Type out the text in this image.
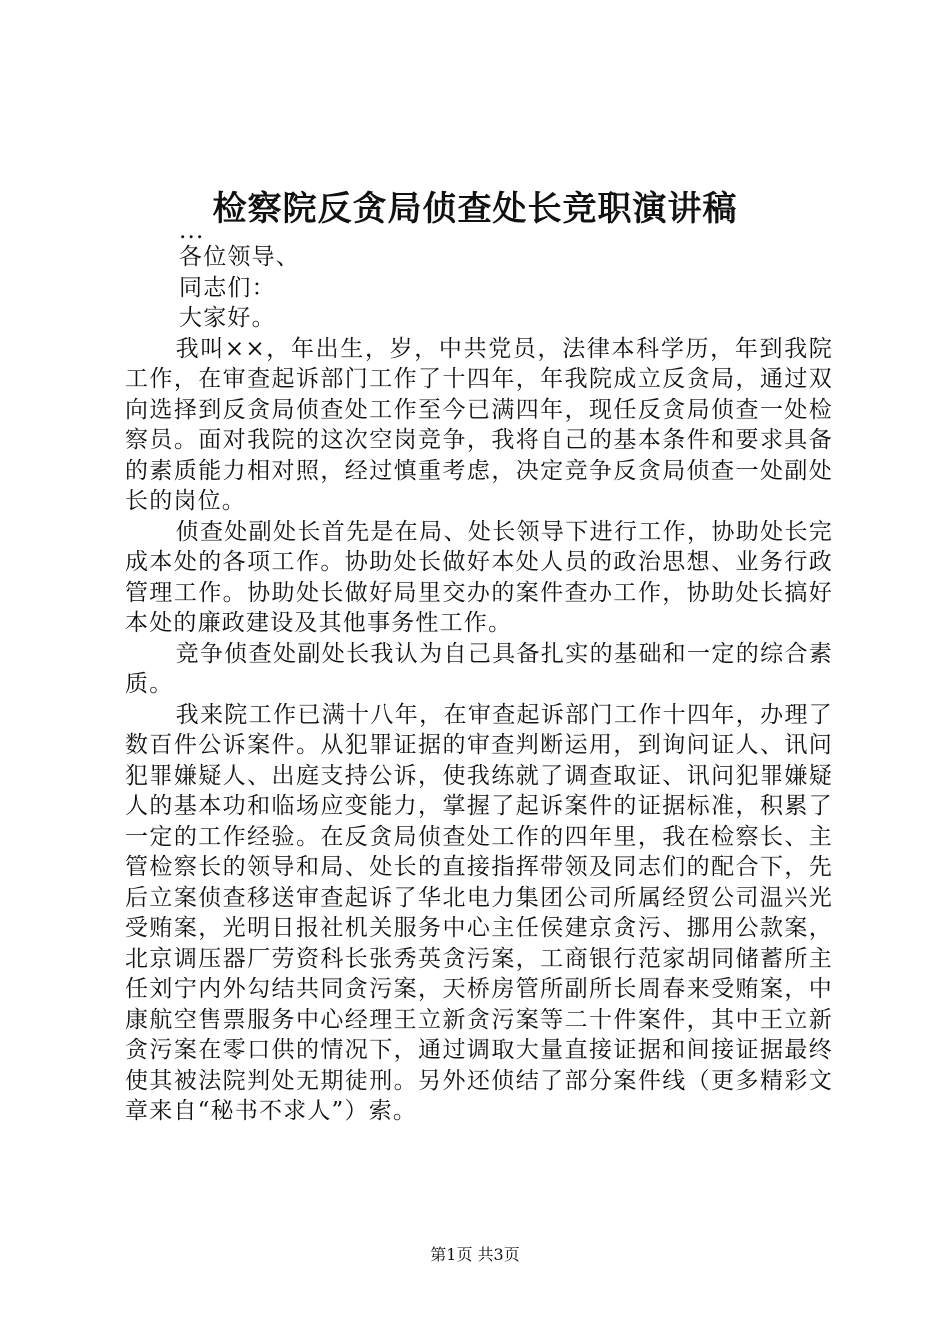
检察院反贪局侦查处长竞职演讲稿

...

各位领导、

同志们：

大家好。

我叫××，年出生，岁，中共党员，法律本科学历，年到我院工作，在审查起诉部门工作了十四年，年我院成立反贪局，通过双向选择到反贪局侦查处工作至今已满四年，现任反贪局侦查一处检察员。面对我院的这次空岗竞争，我将自己的基本条件和要求具备的素质能力相对照，经过慎重考虑，决定竞争反贪局侦查一处副处长的岗位。

侦查处副处长首先是在局、处长领导下进行工作，协助处长完成本处的各项工作。协助处长做好本处人员的政治思想、业务行政管理工作。协助处长做好局里交办的案件查办工作，协助处长搞好本处的廉政建设及其他事务性工作。

竞争侦查处副处长我认为自己具备扎实的基础和一定的综合素质。

我来院工作已满十八年，在审查起诉部门工作十四年，办理了数百件公诉案件。从犯罪证据的审查判断运用，到询问证人、讯问犯罪嫌疑人、出庭支持公诉，使我练就了调查取证、讯问犯罪嫌疑人的基本功和临场应变能力，掌握了起诉案件的证据标准，积累了一定的工作经验。在反贪局侦查处工作的四年里，我在检察长、主管检察长的领导和局、处长的直接指挥带领及同志们的配合下，先后立案侦查移送审查起诉了华北电力集团公司所属经贸公司温兴光受贿案，光明日报社机关服务中心主任侯建京贪污、挪用公款案，北京调压器厂劳资科长张秀英贪污案，工商银行范家胡同储蓄所主任刘宁内外勾结共同贪污案，天桥房管所副所长周春来受贿案，中康航空售票服务中心经理王立新贪污案等二十件案件，其中王立新贪污案在零口供的情况下，通过调取大量直接证据和间接证据最终使其被法院判处无期徒刑。另外还侦结了部分案件线（更多精彩文章来自“秘书不求人”）索。

第1页 共3页
